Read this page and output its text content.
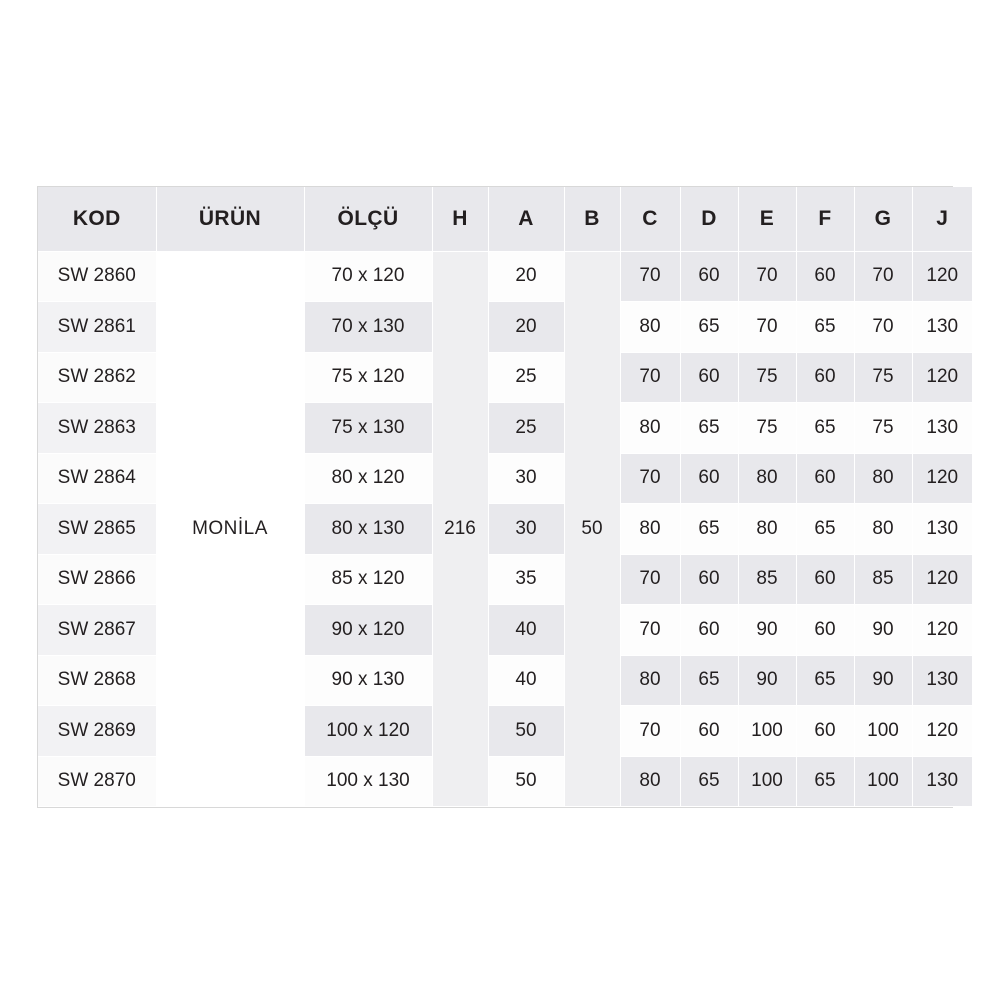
KOD	ÜRÜN	ÖLÇÜ	H	A	B	C	D	E	F	G	J
SW 2860	MONİLA	70 x 120	216	20	50	70	60	70	60	70	120
SW 2861		70 x 130		20		80	65	70	65	70	130
SW 2862		75 x 120		25		70	60	75	60	75	120
SW 2863		75 x 130		25		80	65	75	65	75	130
SW 2864		80 x 120		30		70	60	80	60	80	120
SW 2865		80 x 130		30		80	65	80	65	80	130
SW 2866		85 x 120		35		70	60	85	60	85	120
SW 2867		90 x 120		40		70	60	90	60	90	120
SW 2868		90 x 130		40		80	65	90	65	90	130
SW 2869		100 x 120		50		70	60	100	60	100	120
SW 2870		100 x 130		50		80	65	100	65	100	130
